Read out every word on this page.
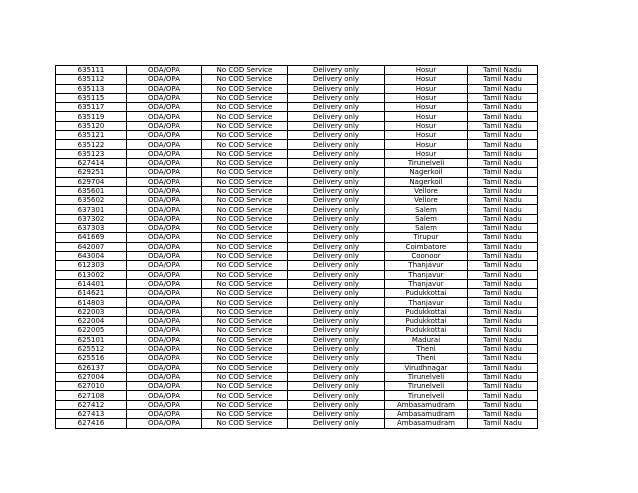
635111	ODA/OPA	No COD Service	Delivery only	Hosur	Tamil Nadu
635112	ODA/OPA	No COD Service	Delivery only	Hosur	Tamil Nadu
635113	ODA/OPA	No COD Service	Delivery only	Hosur	Tamil Nadu
635115	ODA/OPA	No COD Service	Delivery only	Hosur	Tamil Nadu
635117	ODA/OPA	No COD Service	Delivery only	Hosur	Tamil Nadu
635119	ODA/OPA	No COD Service	Delivery only	Hosur	Tamil Nadu
635120	ODA/OPA	No COD Service	Delivery only	Hosur	Tamil Nadu
635121	ODA/OPA	No COD Service	Delivery only	Hosur	Tamil Nadu
635122	ODA/OPA	No COD Service	Delivery only	Hosur	Tamil Nadu
635123	ODA/OPA	No COD Service	Delivery only	Hosur	Tamil Nadu
627414	ODA/OPA	No COD Service	Delivery only	Tirunelveli	Tamil Nadu
629251	ODA/OPA	No COD Service	Delivery only	Nagerkoil	Tamil Nadu
629704	ODA/OPA	No COD Service	Delivery only	Nagerkoil	Tamil Nadu
635601	ODA/OPA	No COD Service	Delivery only	Vellore	Tamil Nadu
635602	ODA/OPA	No COD Service	Delivery only	Vellore	Tamil Nadu
637301	ODA/OPA	No COD Service	Delivery only	Salem	Tamil Nadu
637302	ODA/OPA	No COD Service	Delivery only	Salem	Tamil Nadu
637303	ODA/OPA	No COD Service	Delivery only	Salem	Tamil Nadu
641669	ODA/OPA	No COD Service	Delivery only	Tirupur	Tamil Nadu
642007	ODA/OPA	No COD Service	Delivery only	Coimbatore	Tamil Nadu
643004	ODA/OPA	No COD Service	Delivery only	Coonoor	Tamil Nadu
612303	ODA/OPA	No COD Service	Delivery only	Thanjavur	Tamil Nadu
613002	ODA/OPA	No COD Service	Delivery only	Thanjavur	Tamil Nadu
614401	ODA/OPA	No COD Service	Delivery only	Thanjavur	Tamil Nadu
614621	ODA/OPA	No COD Service	Delivery only	Pudukkottai	Tamil Nadu
614803	ODA/OPA	No COD Service	Delivery only	Thanjavur	Tamil Nadu
622003	ODA/OPA	No COD Service	Delivery only	Pudukkottai	Tamil Nadu
622004	ODA/OPA	No COD Service	Delivery only	Pudukkottai	Tamil Nadu
622005	ODA/OPA	No COD Service	Delivery only	Pudukkottai	Tamil Nadu
625101	ODA/OPA	No COD Service	Delivery only	Madurai	Tamil Nadu
625512	ODA/OPA	No COD Service	Delivery only	Theni	Tamil Nadu
625516	ODA/OPA	No COD Service	Delivery only	Theni	Tamil Nadu
626137	ODA/OPA	No COD Service	Delivery only	Virudhnagar	Tamil Nadu
627004	ODA/OPA	No COD Service	Delivery only	Tirunelveli	Tamil Nadu
627010	ODA/OPA	No COD Service	Delivery only	Tirunelveli	Tamil Nadu
627108	ODA/OPA	No COD Service	Delivery only	Tirunelveli	Tamil Nadu
627412	ODA/OPA	No COD Service	Delivery only	Ambasamudram	Tamil Nadu
627413	ODA/OPA	No COD Service	Delivery only	Ambasamudram	Tamil Nadu
627416	ODA/OPA	No COD Service	Delivery only	Ambasamudram	Tamil Nadu
